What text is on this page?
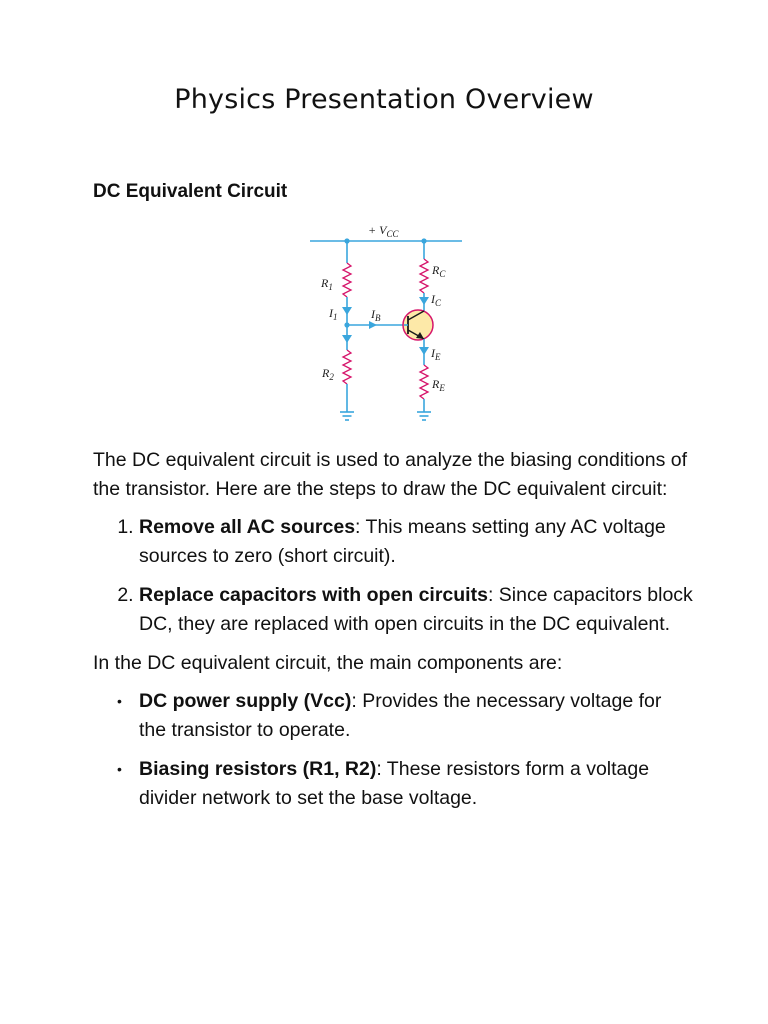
Physics Presentation Overview
DC Equivalent Circuit
+ $V_{CC}$
$R_1$
$I_1$	$I_B$
$R_2$
$R_C$
$I_C$
$I_E$
$R_E$

The DC equivalent circuit is used to analyze the biasing conditions of the transistor. Here are the steps to draw the DC equivalent circuit:

1. Remove all AC sources: This means setting any AC voltage sources to zero (short circuit).
2. Replace capacitors with open circuits: Since capacitors block DC, they are replaced with open circuits in the DC equivalent.

In the DC equivalent circuit, the main components are:

• DC power supply (Vcc): Provides the necessary voltage for the transistor to operate.
• Biasing resistors (R1, R2): These resistors form a voltage divider network to set the base voltage.
